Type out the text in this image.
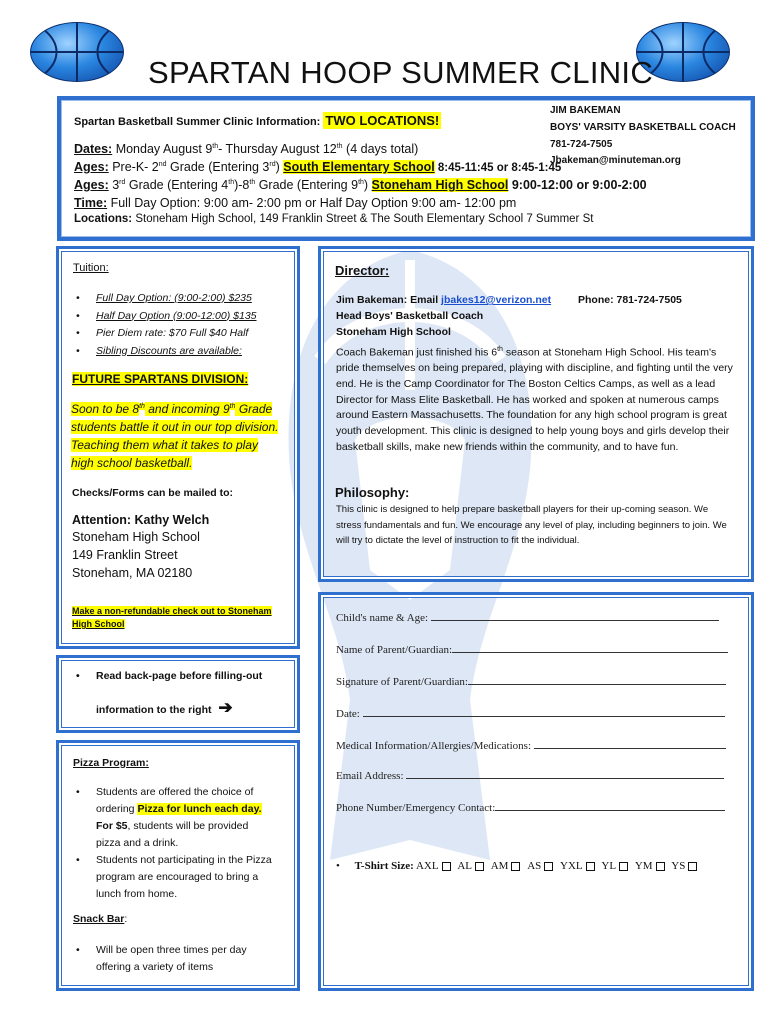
SPARTAN HOOP SUMMER CLINIC
JIM BAKEMAN
BOYS' VARSITY BASKETBALL COACH
781-724-7505
Jbakeman@minuteman.org
Spartan Basketball Summer Clinic Information: TWO LOCATIONS!
Dates: Monday August 9th- Thursday August 12th (4 days total)
Ages: Pre-K- 2nd Grade (Entering 3rd) South Elementary School 8:45-11:45 or 8:45-1:45
Ages: 3rd Grade (Entering 4th)-8th Grade (Entering 9th) Stoneham High School 9:00-12:00 or 9:00-2:00
Time: Full Day Option: 9:00 am- 2:00 pm or Half Day Option 9:00 am- 12:00 pm
Locations: Stoneham High School, 149 Franklin Street & The South Elementary School 7 Summer St
Tuition:
• Full Day Option: (9:00-2:00) $235
• Half Day Option (9:00-12:00) $135
• Pier Diem rate: $70 Full $40 Half
• Sibling Discounts are available:
FUTURE SPARTANS DIVISION:
Soon to be 8th and incoming 9th Grade students battle it out in our top division. Teaching them what it takes to play high school basketball.
Checks/Forms can be mailed to:
Attention: Kathy Welch
Stoneham High School
149 Franklin Street
Stoneham, MA 02180
Make a non-refundable check out to Stoneham High School
• Read back-page before filling-out
information to the right ➔
Pizza Program:
• Students are offered the choice of ordering Pizza for lunch each day. For $5, students will be provided pizza and a drink.
• Students not participating in the Pizza program are encouraged to bring a lunch from home.
Snack Bar:
• Will be open three times per day offering a variety of items
Director:
Jim Bakeman: Email jbakes12@verizon.net	Phone: 781-724-7505
Head Boys' Basketball Coach
Stoneham High School
Coach Bakeman just finished his 6th season at Stoneham High School. His team's pride themselves on being prepared, playing with discipline, and fighting until the very end. He is the Camp Coordinator for The Boston Celtics Camps, as well as a lead Director for Mass Elite Basketball. He has worked and spoken at numerous camps around Eastern Massachusetts. The foundation for any high school program is great youth development. This clinic is designed to help young boys and girls develop their basketball skills, make new friends within the community, and to have fun.
Philosophy:
This clinic is designed to help prepare basketball players for their up-coming season. We stress fundamentals and fun. We encourage any level of play, including beginners to join. We will try to dictate the level of instruction to fit the individual.
Child's name & Age:
Name of Parent/Guardian:
Signature of Parent/Guardian:
Date:
Medical Information/Allergies/Medications:
Email Address:
Phone Number/Emergency Contact:
• T-Shirt Size: AXL AL AM AS YXL YL YM YS
